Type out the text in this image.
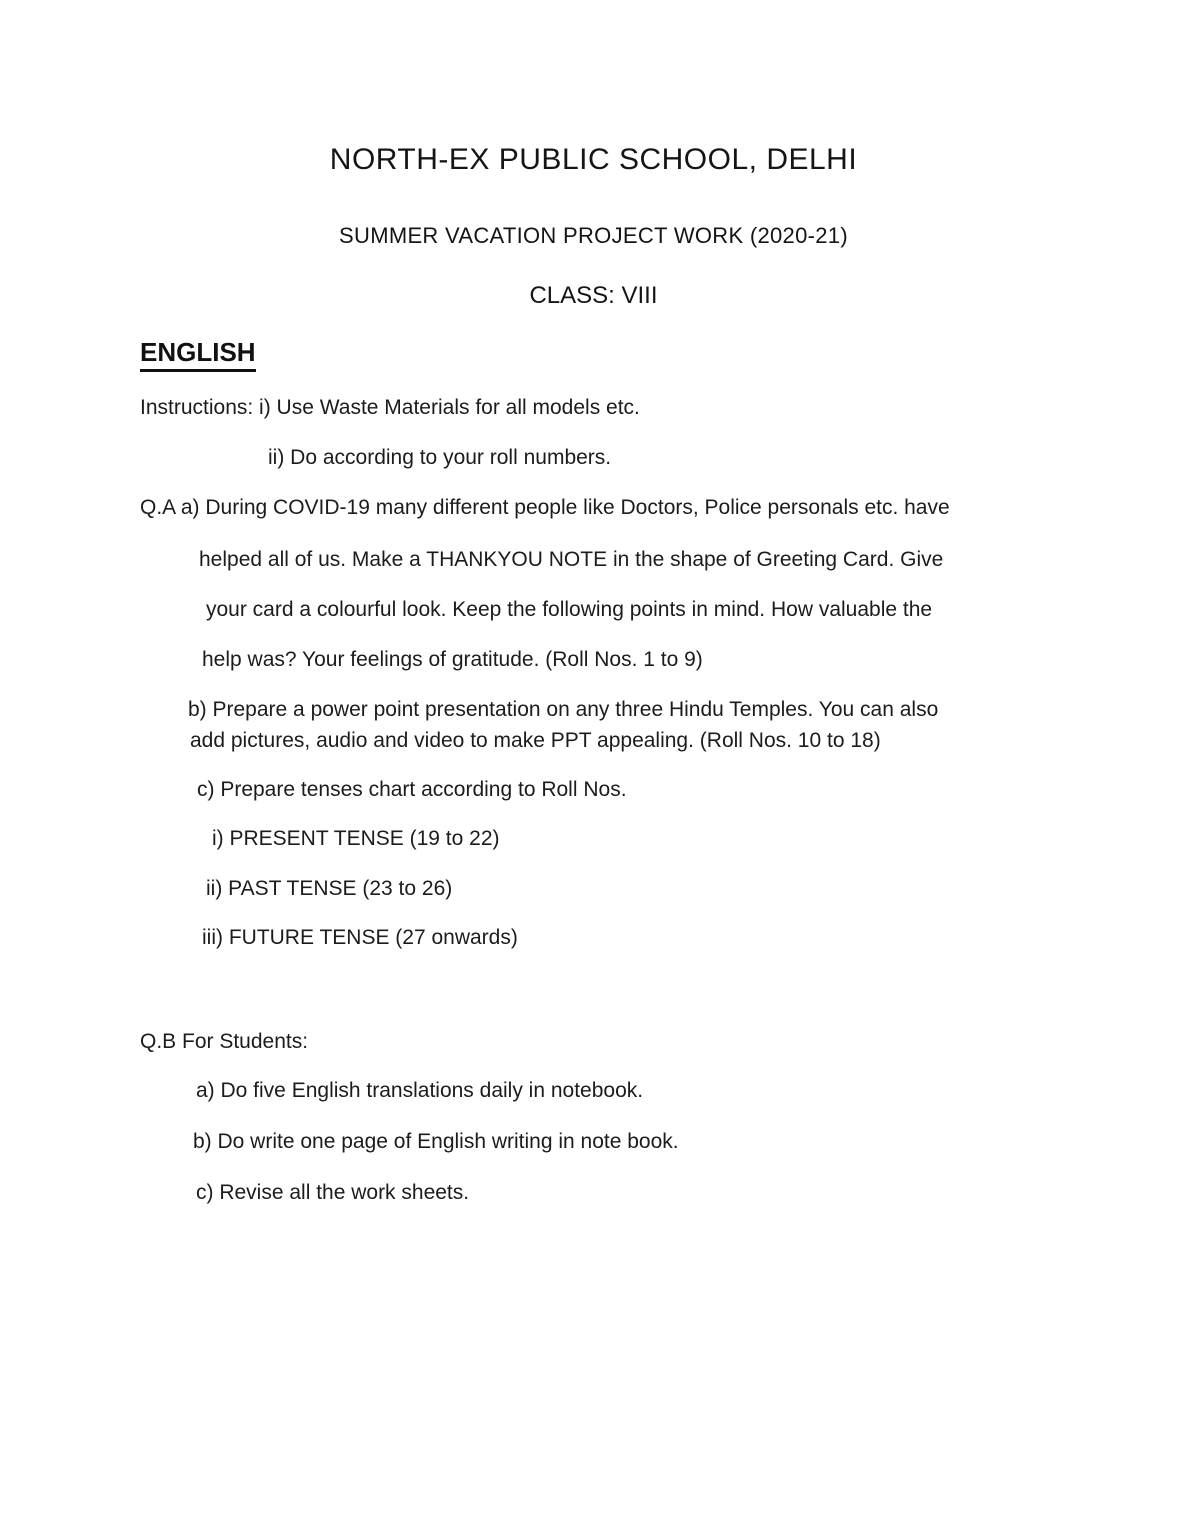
NORTH-EX PUBLIC SCHOOL, DELHI
SUMMER VACATION PROJECT WORK (2020-21)
CLASS: VIII
ENGLISH
Instructions: i) Use Waste Materials for all models etc.
ii) Do according to your roll numbers.
Q.A a) During COVID-19 many different people like Doctors, Police personals etc. have
helped all of us. Make a THANKYOU NOTE in the shape of Greeting Card. Give
your card a colourful look. Keep the following points in mind. How valuable the
help was? Your feelings of gratitude. (Roll Nos. 1 to 9)
b) Prepare a power point presentation on any three Hindu Temples. You can also
add pictures, audio and video to make PPT appealing. (Roll Nos. 10 to 18)
c) Prepare tenses chart according to Roll Nos.
i) PRESENT TENSE (19 to 22)
ii) PAST TENSE (23 to 26)
iii) FUTURE TENSE (27 onwards)
Q.B For Students:
a) Do five English translations daily in notebook.
b) Do write one page of English writing in note book.
c) Revise all the work sheets.
